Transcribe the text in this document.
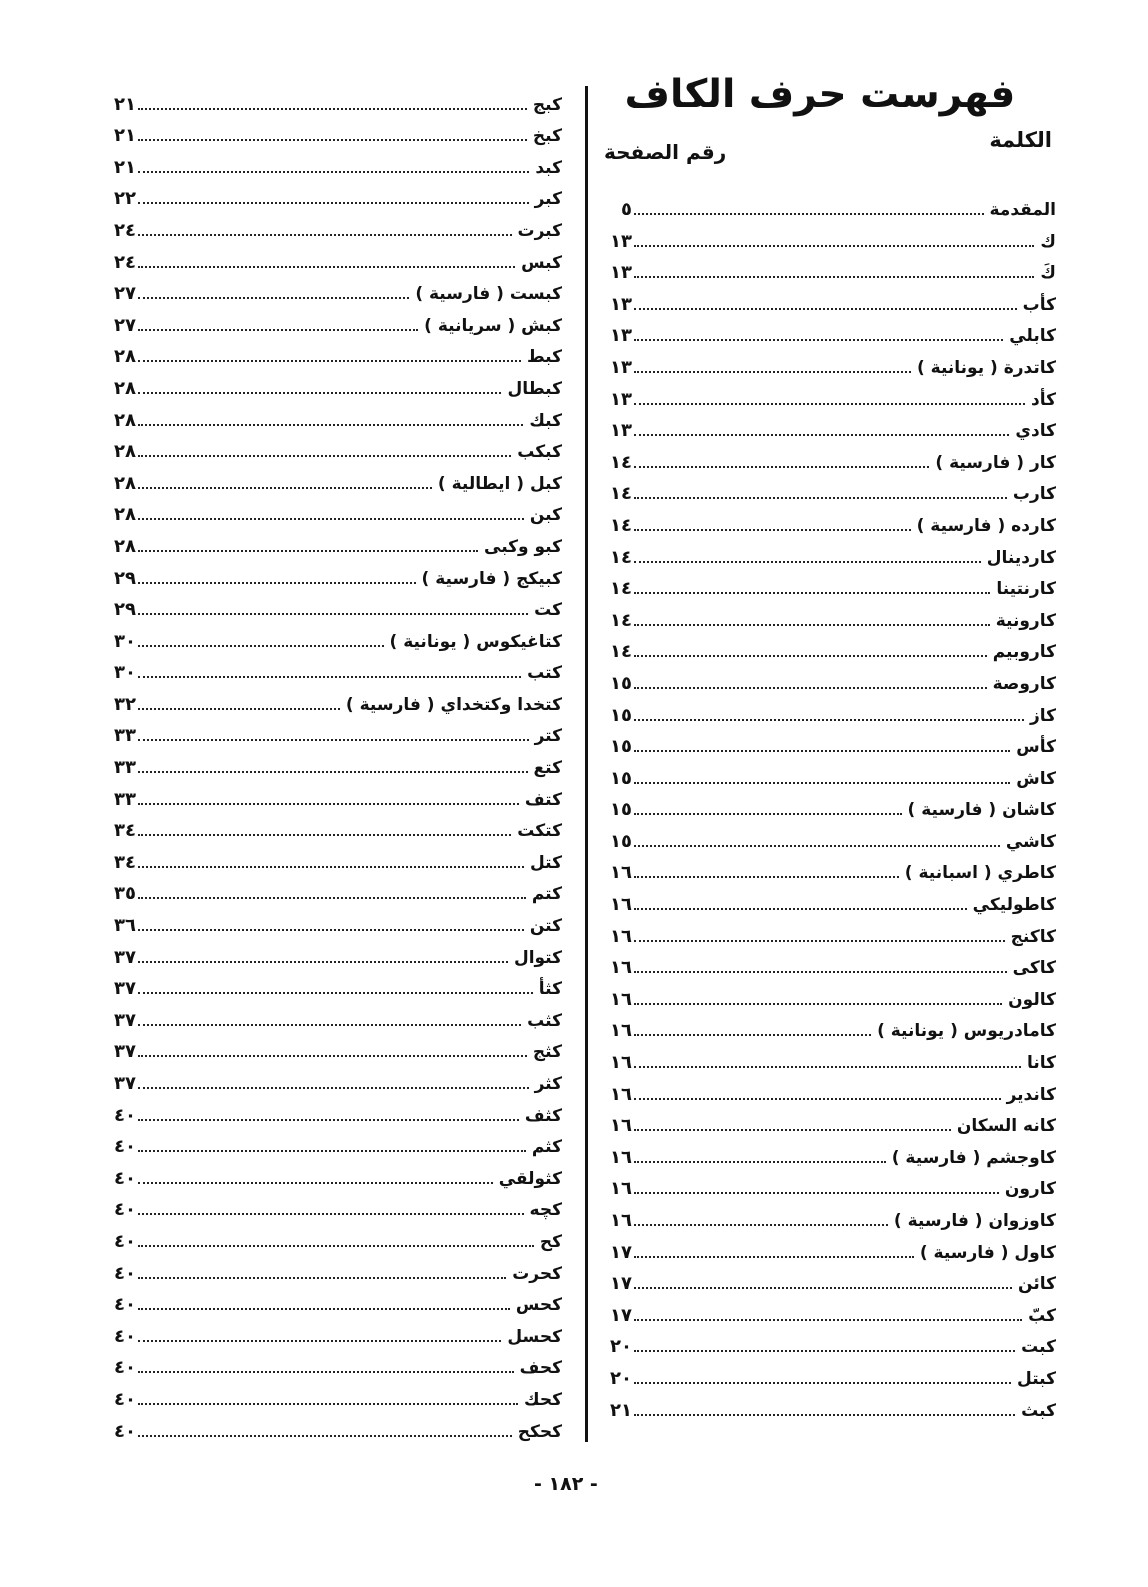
فهرست حرف الكاف
الكلمة
رقم الصفحة
المقدمة
٥
ك
١٣
كَ
١٣
كأب
١٣
كابلي
١٣
كاتدرة ( يونانية )
١٣
كأد
١٣
كادي
١٣
كار ( فارسية )
١٤
كارب
١٤
كارده ( فارسية )
١٤
كاردينال
١٤
كارنتينا
١٤
كارونية
١٤
كاروبيم
١٤
كاروصة
١٥
كاز
١٥
كأس
١٥
كاش
١٥
كاشان ( فارسية )
١٥
كاشي
١٥
كاطري ( اسبانية )
١٦
كاطوليكي
١٦
كاكنج
١٦
كاكى
١٦
كالون
١٦
كامادريوس ( يونانية )
١٦
كانا
١٦
كاندير
١٦
كانه السكان
١٦
كاوجشم ( فارسية )
١٦
كارون
١٦
كاوزوان ( فارسية )
١٦
كاول ( فارسية )
١٧
كائن
١٧
كبّ
١٧
كبت
٢٠
كبتل
٢٠
كبث
٢١
كبج
٢١
كبخ
٢١
كبد
٢١
كبر
٢٢
كبرت
٢٤
كبس
٢٤
كبست ( فارسية )
٢٧
كبش ( سريانية )
٢٧
كبط
٢٨
كبطال
٢٨
كبك
٢٨
كبكب
٢٨
كبل ( ايطالية )
٢٨
كبن
٢٨
كبو وكبى
٢٨
كبيكج ( فارسية )
٢٩
كت
٢٩
كتاغيكوس ( يونانية )
٣٠
كتب
٣٠
كتخدا وكتخداي ( فارسية )
٣٢
كتر
٣٣
كتع
٣٣
كتف
٣٣
كتكت
٣٤
كتل
٣٤
كتم
٣٥
كتن
٣٦
كتوال
٣٧
كثأ
٣٧
كثب
٣٧
كثج
٣٧
كثر
٣٧
كثف
٤٠
كثم
٤٠
كثولقي
٤٠
كچه
٤٠
كح
٤٠
كحرت
٤٠
كحس
٤٠
كحسل
٤٠
كحف
٤٠
كحك
٤٠
كحكح
٤٠
- ١٨٢ -
